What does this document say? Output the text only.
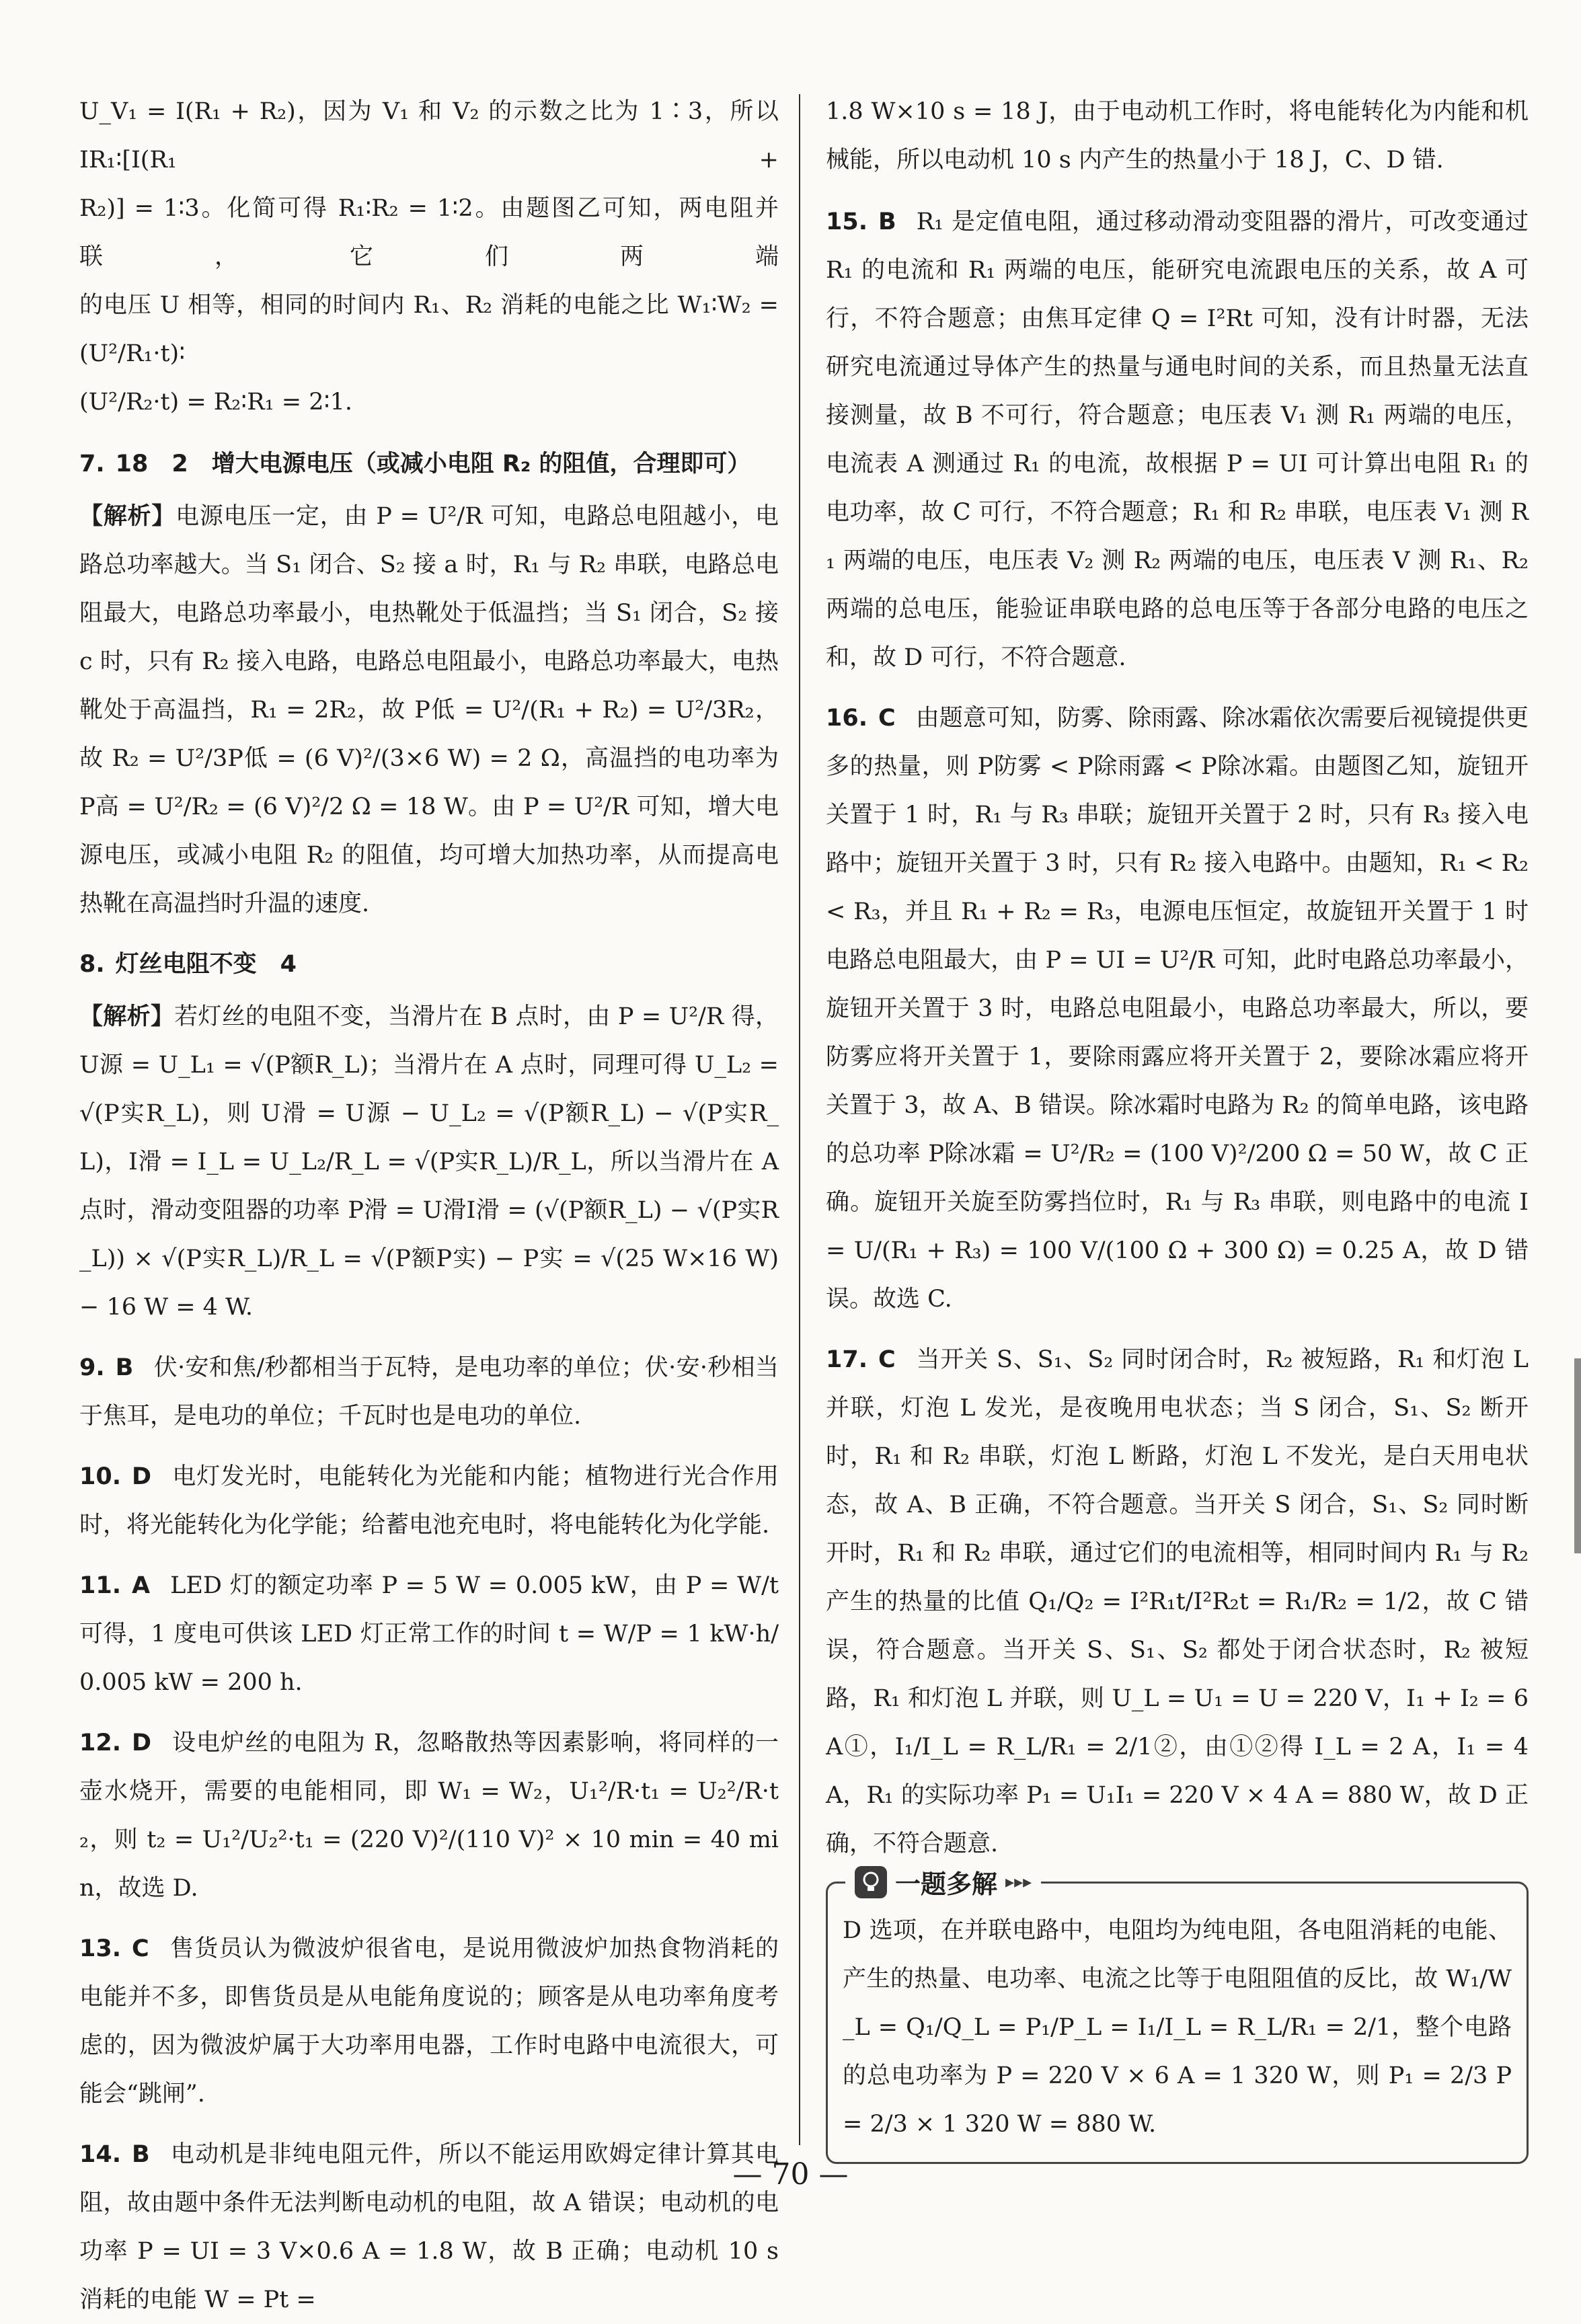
U_V₁ = I(R₁ + R₂)，因为 V₁ 和 V₂ 的示数之比为 1∶3，所以 IR₁∶[I(R₁ +

R₂)] = 1∶3。化简可得 R₁∶R₂ = 1∶2。由题图乙可知，两电阻并联，它们两端

的电压 U 相等，相同的时间内 R₁、R₂ 消耗的电能之比 W₁∶W₂ = (U²/R₁·t)∶

(U²/R₂·t) = R₂∶R₁ = 2∶1.

7. 18　2　增大电源电压（或减小电阻 R₂ 的阻值，合理即可）

【解析】电源电压一定，由 P = U²/R 可知，电路总电阻越小，电路总功率越大。当 S₁ 闭合、S₂ 接 a 时，R₁ 与 R₂ 串联，电路总电阻最大，电路总功率最小，电热靴处于低温挡；当 S₁ 闭合，S₂ 接 c 时，只有 R₂ 接入电路，电路总电阻最小，电路总功率最大，电热靴处于高温挡，R₁ = 2R₂，故 P低 = U²/(R₁ + R₂) = U²/3R₂，故 R₂ = U²/3P低 = (6 V)²/(3×6 W) = 2 Ω，高温挡的电功率为 P高 = U²/R₂ = (6 V)²/2 Ω = 18 W。由 P = U²/R 可知，增大电源电压，或减小电阻 R₂ 的阻值，均可增大加热功率，从而提高电热靴在高温挡时升温的速度.

8. 灯丝电阻不变　4

【解析】若灯丝的电阻不变，当滑片在 B 点时，由 P = U²/R 得，U源 = U_L₁ = √(P额R_L)；当滑片在 A 点时，同理可得 U_L₂ = √(P实R_L)，则 U滑 = U源 − U_L₂ = √(P额R_L) − √(P实R_L)，I滑 = I_L = U_L₂/R_L = √(P实R_L)/R_L，所以当滑片在 A 点时，滑动变阻器的功率 P滑 = U滑I滑 = (√(P额R_L) − √(P实R_L)) × √(P实R_L)/R_L = √(P额P实) − P实 = √(25 W×16 W) − 16 W = 4 W.

9. B 伏·安和焦/秒都相当于瓦特，是电功率的单位；伏·安·秒相当于焦耳，是电功的单位；千瓦时也是电功的单位.

10. D 电灯发光时，电能转化为光能和内能；植物进行光合作用时，将光能转化为化学能；给蓄电池充电时，将电能转化为化学能.

11. A LED 灯的额定功率 P = 5 W = 0.005 kW，由 P = W/t 可得，1 度电可供该 LED 灯正常工作的时间 t = W/P = 1 kW·h/0.005 kW = 200 h.

12. D 设电炉丝的电阻为 R，忽略散热等因素影响，将同样的一壶水烧开，需要的电能相同，即 W₁ = W₂，U₁²/R·t₁ = U₂²/R·t₂，则 t₂ = U₁²/U₂²·t₁ = (220 V)²/(110 V)² × 10 min = 40 min，故选 D.

13. C 售货员认为微波炉很省电，是说用微波炉加热食物消耗的电能并不多，即售货员是从电能角度说的；顾客是从电功率角度考虑的，因为微波炉属于大功率用电器，工作时电路中电流很大，可能会“跳闸”.

14. B 电动机是非纯电阻元件，所以不能运用欧姆定律计算其电阻，故由题中条件无法判断电动机的电阻，故 A 错误；电动机的电功率 P = UI = 3 V×0.6 A = 1.8 W，故 B 正确；电动机 10 s 消耗的电能 W = Pt =

1.8 W×10 s = 18 J，由于电动机工作时，将电能转化为内能和机械能，所以电动机 10 s 内产生的热量小于 18 J，C、D 错.

15. B R₁ 是定值电阻，通过移动滑动变阻器的滑片，可改变通过 R₁ 的电流和 R₁ 两端的电压，能研究电流跟电压的关系，故 A 可行，不符合题意；由焦耳定律 Q = I²Rt 可知，没有计时器，无法研究电流通过导体产生的热量与通电时间的关系，而且热量无法直接测量，故 B 不可行，符合题意；电压表 V₁ 测 R₁ 两端的电压，电流表 A 测通过 R₁ 的电流，故根据 P = UI 可计算出电阻 R₁ 的电功率，故 C 可行，不符合题意；R₁ 和 R₂ 串联，电压表 V₁ 测 R₁ 两端的电压，电压表 V₂ 测 R₂ 两端的电压，电压表 V 测 R₁、R₂ 两端的总电压，能验证串联电路的总电压等于各部分电路的电压之和，故 D 可行，不符合题意.

16. C 由题意可知，防雾、除雨露、除冰霜依次需要后视镜提供更多的热量，则 P防雾 < P除雨露 < P除冰霜。由题图乙知，旋钮开关置于 1 时，R₁ 与 R₃ 串联；旋钮开关置于 2 时，只有 R₃ 接入电路中；旋钮开关置于 3 时，只有 R₂ 接入电路中。由题知，R₁ < R₂ < R₃，并且 R₁ + R₂ = R₃，电源电压恒定，故旋钮开关置于 1 时电路总电阻最大，由 P = UI = U²/R 可知，此时电路总功率最小，旋钮开关置于 3 时，电路总电阻最小，电路总功率最大，所以，要防雾应将开关置于 1，要除雨露应将开关置于 2，要除冰霜应将开关置于 3，故 A、B 错误。除冰霜时电路为 R₂ 的简单电路，该电路的总功率 P除冰霜 = U²/R₂ = (100 V)²/200 Ω = 50 W，故 C 正确。旋钮开关旋至防雾挡位时，R₁ 与 R₃ 串联，则电路中的电流 I = U/(R₁ + R₃) = 100 V/(100 Ω + 300 Ω) = 0.25 A，故 D 错误。故选 C.

17. C 当开关 S、S₁、S₂ 同时闭合时，R₂ 被短路，R₁ 和灯泡 L 并联，灯泡 L 发光，是夜晚用电状态；当 S 闭合，S₁、S₂ 断开时，R₁ 和 R₂ 串联，灯泡 L 断路，灯泡 L 不发光，是白天用电状态，故 A、B 正确，不符合题意。当开关 S 闭合，S₁、S₂ 同时断开时，R₁ 和 R₂ 串联，通过它们的电流相等，相同时间内 R₁ 与 R₂ 产生的热量的比值 Q₁/Q₂ = I²R₁t/I²R₂t = R₁/R₂ = 1/2，故 C 错误，符合题意。当开关 S、S₁、S₂ 都处于闭合状态时，R₂ 被短路，R₁ 和灯泡 L 并联，则 U_L = U₁ = U = 220 V，I₁ + I₂ = 6 A①，I₁/I_L = R_L/R₁ = 2/1②，由①②得 I_L = 2 A，I₁ = 4 A，R₁ 的实际功率 P₁ = U₁I₁ = 220 V × 4 A = 880 W，故 D 正确，不符合题意.

一题多解 ▸▸▸

D 选项，在并联电路中，电阻均为纯电阻，各电阻消耗的电能、产生的热量、电功率、电流之比等于电阻阻值的反比，故 W₁/W_L = Q₁/Q_L = P₁/P_L = I₁/I_L = R_L/R₁ = 2/1，整个电路的总电功率为 P = 220 V × 6 A = 1 320 W，则 P₁ = 2/3 P = 2/3 × 1 320 W = 880 W.

— 70 —
